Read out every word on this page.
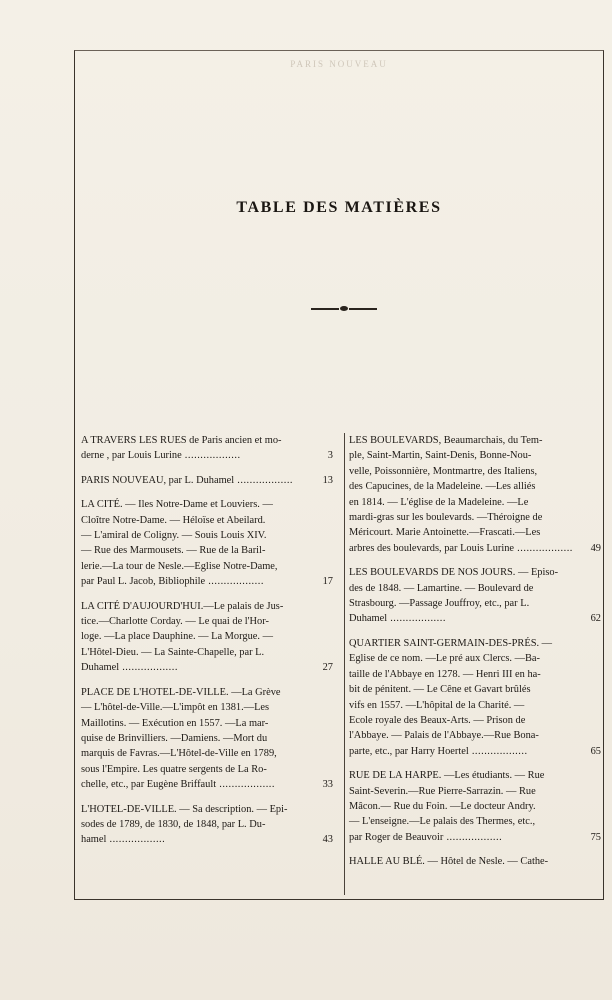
PARIS NOUVEAU
TABLE DES MATIÈRES
A TRAVERS LES RUES de Paris ancien et mo-
3
derne , par Louis Lurine ..................
13
PARIS NOUVEAU, par L. Duhamel ..................
LA CITÉ. — Iles Notre-Dame et Louviers. —
Cloître Notre-Dame. — Héloïse et Abeilard.
— L'amiral de Coligny. — Souis Louis XIV.
— Rue des Marmousets. — Rue de la Baril-
lerie.—La tour de Nesle.—Eglise Notre-Dame,
17
par Paul L. Jacob, Bibliophile ..................
LA CITÉ D'AUJOURD'HUI.—Le palais de Jus-
tice.—Charlotte Corday. — Le quai de l'Hor-
loge. —La place Dauphine. — La Morgue. —
L'Hôtel-Dieu. — La Sainte-Chapelle, par L.
27
Duhamel ..................
PLACE DE L'HOTEL-DE-VILLE. —La Grève
— L'hôtel-de-Ville.—L'impôt en 1381.—Les
Maillotins. — Exécution en 1557. —La mar-
quise de Brinvilliers. —Damiens. —Mort du
marquis de Favras.—L'Hôtel-de-Ville en 1789,
sous l'Empire. Les quatre sergents de La Ro-
33
chelle, etc., par Eugène Briffault ..................
L'HOTEL-DE-VILLE. — Sa description. — Epi-
sodes de 1789, de 1830, de 1848, par L. Du-
43
hamel ..................
LES BOULEVARDS, Beaumarchais, du Tem-
ple, Saint-Martin, Saint-Denis, Bonne-Nou-
velle, Poissonnière, Montmartre, des Italiens,
des Capucines, de la Madeleine. —Les alliés
en 1814. — L'église de la Madeleine. —Le
mardi-gras sur les boulevards. —Théroigne de
Méricourt. Marie Antoinette.—Frascati.—Les
49
arbres des boulevards, par Louis Lurine ..................
LES BOULEVARDS DE NOS JOURS. — Episo-
des de 1848. — Lamartine. — Boulevard de
Strasbourg. —Passage Jouffroy, etc., par L.
62
Duhamel ..................
QUARTIER SAINT-GERMAIN-DES-PRÉS. —
Eglise de ce nom. —Le pré aux Clercs. —Ba-
taille de l'Abbaye en 1278. — Henri III en ha-
bit de pénitent. — Le Cêne et Gavart brûlés
vifs en 1557. —L'hôpital de la Charité. —
Ecole royale des Beaux-Arts. — Prison de
l'Abbaye. — Palais de l'Abbaye.—Rue Bona-
65
parte, etc., par Harry Hoertel ..................
RUE DE LA HARPE. —Les étudiants. — Rue
Saint-Severin.—Rue Pierre-Sarrazin. — Rue
Mâcon.— Rue du Foin. —Le docteur Andry.
— L'enseigne.—Le palais des Thermes, etc.,
75
par Roger de Beauvoir ..................
HALLE AU BLÉ. — Hôtel de Nesle. — Cathe-
